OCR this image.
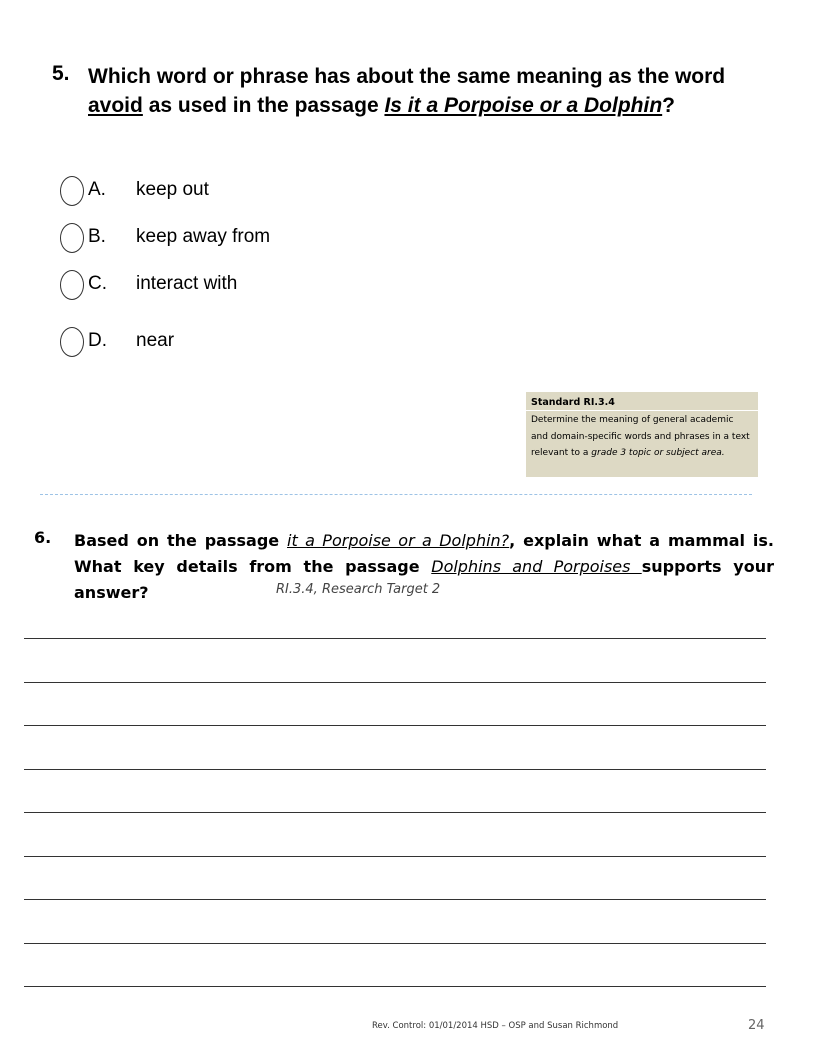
5. Which word or phrase has about the same meaning as the word avoid as used in the passage Is it a Porpoise or a Dolphin?
A. keep out
B. keep away from
C. interact with
D. near
Standard RI.3.4
Determine the meaning of general academic and domain-specific words and phrases in a text relevant to a grade 3 topic or subject area.
6. Based on the passage it a Porpoise or a Dolphin?, explain what a mammal is. What key details from the passage Dolphins and Porpoises supports your answer?	RI.3.4, Research Target 2
Rev. Control: 01/01/2014 HSD – OSP and Susan Richmond	24
